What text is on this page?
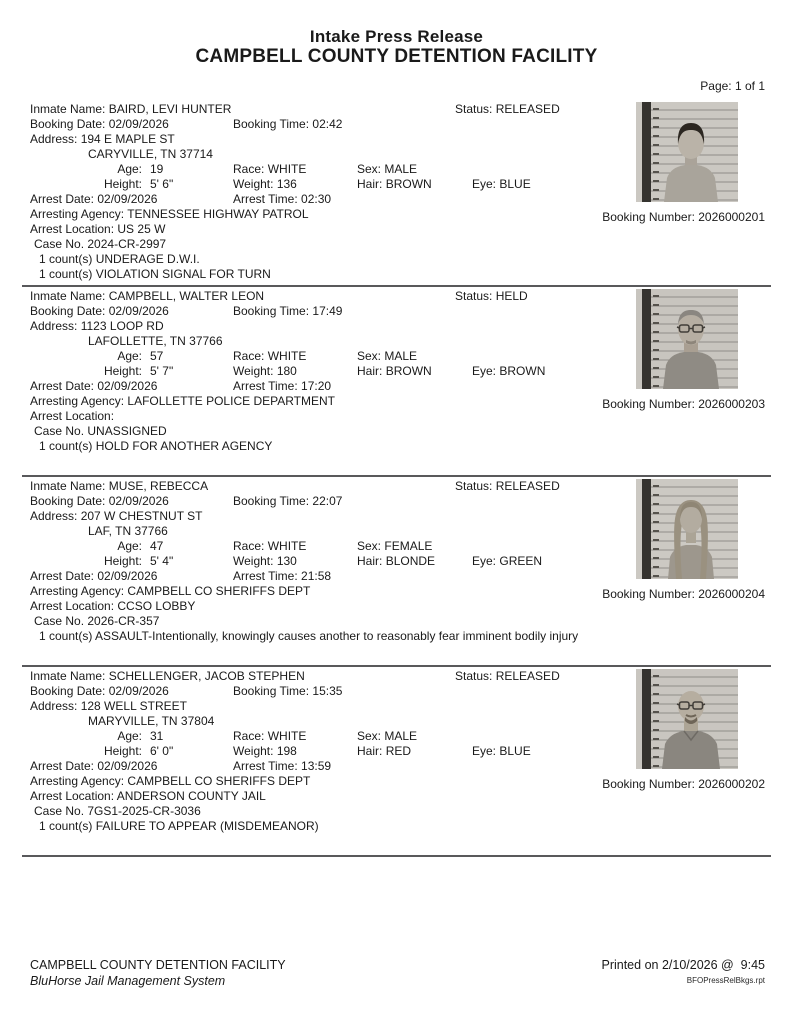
Intake Press Release
CAMPBELL COUNTY DETENTION FACILITY
Page: 1 of 1
Inmate Name: BAIRD, LEVI HUNTER	Status: RELEASED
Booking Date: 02/09/2026	Booking Time: 02:42
Address: 194 E MAPLE ST
CARYVILLE, TN 37714
Age: 19	Race: WHITE	Sex: MALE
Height: 5' 6"	Weight: 136	Hair: BROWN	Eye: BLUE
Arrest Date: 02/09/2026	Arrest Time: 02:30
Arresting Agency: TENNESSEE HIGHWAY PATROL
Arrest Location: US 25 W
Case No. 2024-CR-2997
1 count(s) UNDERAGE D.W.I.
1 count(s) VIOLATION SIGNAL FOR TURN
Booking Number: 2026000201
Inmate Name: CAMPBELL, WALTER LEON	Status: HELD
Booking Date: 02/09/2026	Booking Time: 17:49
Address: 1123 LOOP RD
LAFOLLETTE, TN 37766
Age: 57	Race: WHITE	Sex: MALE
Height: 5' 7"	Weight: 180	Hair: BROWN	Eye: BROWN
Arrest Date: 02/09/2026	Arrest Time: 17:20
Arresting Agency: LAFOLLETTE POLICE DEPARTMENT
Arrest Location:
Case No. UNASSIGNED
1 count(s) HOLD FOR ANOTHER AGENCY
Booking Number: 2026000203
Inmate Name: MUSE, REBECCA	Status: RELEASED
Booking Date: 02/09/2026	Booking Time: 22:07
Address: 207 W CHESTNUT ST
LAF, TN 37766
Age: 47	Race: WHITE	Sex: FEMALE
Height: 5' 4"	Weight: 130	Hair: BLONDE	Eye: GREEN
Arrest Date: 02/09/2026	Arrest Time: 21:58
Arresting Agency: CAMPBELL CO SHERIFFS DEPT
Arrest Location: CCSO LOBBY
Case No. 2026-CR-357
1 count(s) ASSAULT-Intentionally, knowingly causes another to reasonably fear imminent bodily injury
Booking Number: 2026000204
Inmate Name: SCHELLENGER, JACOB STEPHEN	Status: RELEASED
Booking Date: 02/09/2026	Booking Time: 15:35
Address: 128 WELL STREET
MARYVILLE, TN 37804
Age: 31	Race: WHITE	Sex: MALE
Height: 6' 0"	Weight: 198	Hair: RED	Eye: BLUE
Arrest Date: 02/09/2026	Arrest Time: 13:59
Arresting Agency: CAMPBELL CO SHERIFFS DEPT
Arrest Location: ANDERSON COUNTY JAIL
Case No. 7GS1-2025-CR-3036
1 count(s) FAILURE TO APPEAR (MISDEMEANOR)
Booking Number: 2026000202
CAMPBELL COUNTY DETENTION FACILITY
BluHorse Jail Management System
Printed on 2/10/2026 @  9:45
BFOPressRelBkgs.rpt
